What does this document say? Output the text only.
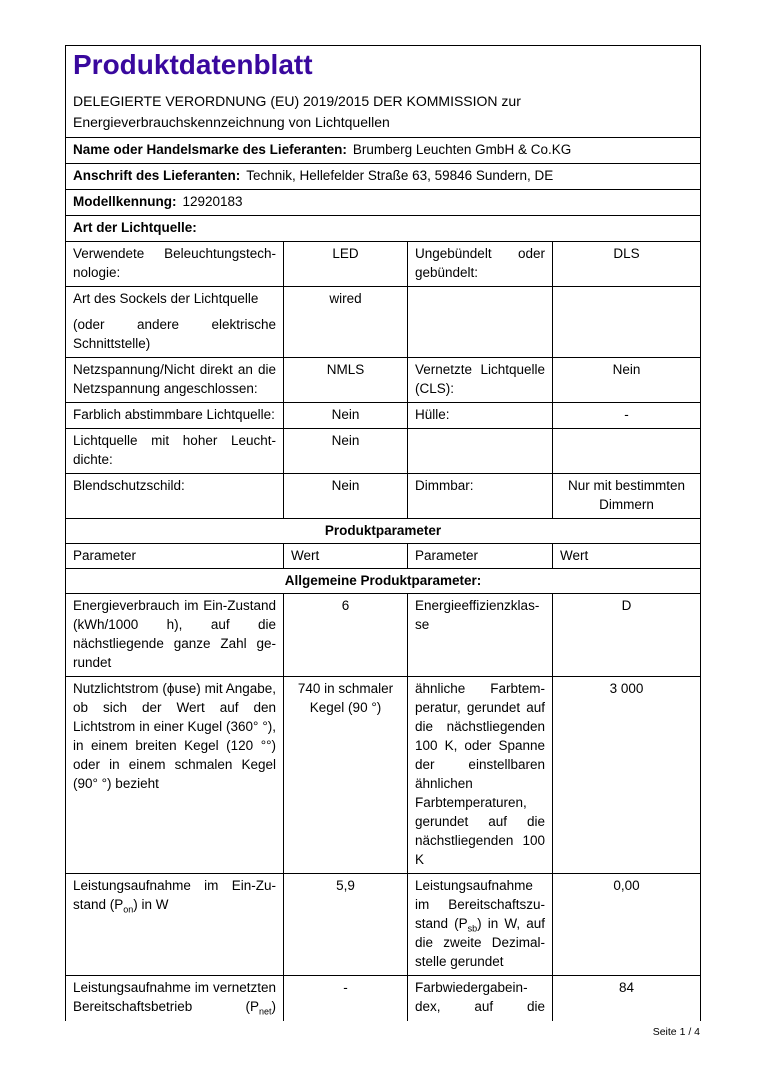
Produktdatenblatt
DELEGIERTE VERORDNUNG (EU) 2019/2015 DER KOMMISSION zur
Energieverbrauchskennzeichnung von Lichtquellen

Name oder Handelsmarke des Lieferanten: Brumberg Leuchten GmbH & Co.KG			
Anschrift des Lieferanten: Technik, Hellefelder Straße 63, 59846 Sundern, DE			
Modellkennung: 12920183			
Art der Lichtquelle:			
Verwendete Beleuchtungstechnologie:	LED	Ungebündelt oder gebündelt:	DLS

Art des Sockels der Lichtquelle

(oder andere elektrische Schnittstelle)	wired		
Netzspannung/Nicht direkt an die Netzspannung angeschlossen:	NMLS	Vernetzte Lichtquelle (CLS):	Nein
Farblich abstimmbare Lichtquelle:	Nein	Hülle:	-
Lichtquelle mit hoher Leuchtdichte:	Nein		
Blendschutzschild:	Nein	Dimmbar:	Nur mit bestimmten Dimmern
Produktparameter			
Parameter	Wert	Parameter	Wert
Allgemeine Produktparameter:			
Energieverbrauch im Ein-Zustand (kWh/1000 h), auf die nächstliegende ganze Zahl gerundet	6	Energieeffizienzklasse	D
Nutzlichtstrom (ϕuse) mit Angabe, ob sich der Wert auf den Lichtstrom in einer Kugel (360° °), in einem breiten Kegel (120 °°) oder in einem schmalen Kegel (90° °) bezieht	740 in schmaler Kegel (90 °)	ähnliche Farbtemperatur, gerundet auf die nächstliegenden 100 K, oder Spanne der einstellbaren ähnlichen Farbtemperaturen, gerundet auf die nächstliegenden 100 K	3 000
Leistungsaufnahme im Ein-Zustand $(P_{on})$ in W	5,9	Leistungsaufnahme im Bereitschaftszustand $(P_{sb})$ in W, auf die zweite Dezimalstelle gerundet	0,00
Leistungsaufnahme im vernetzten Bereitschaftsbetrieb $(P_{net})$	-	Farbwiedergabeindex, auf die	84
Seite 1 / 4
